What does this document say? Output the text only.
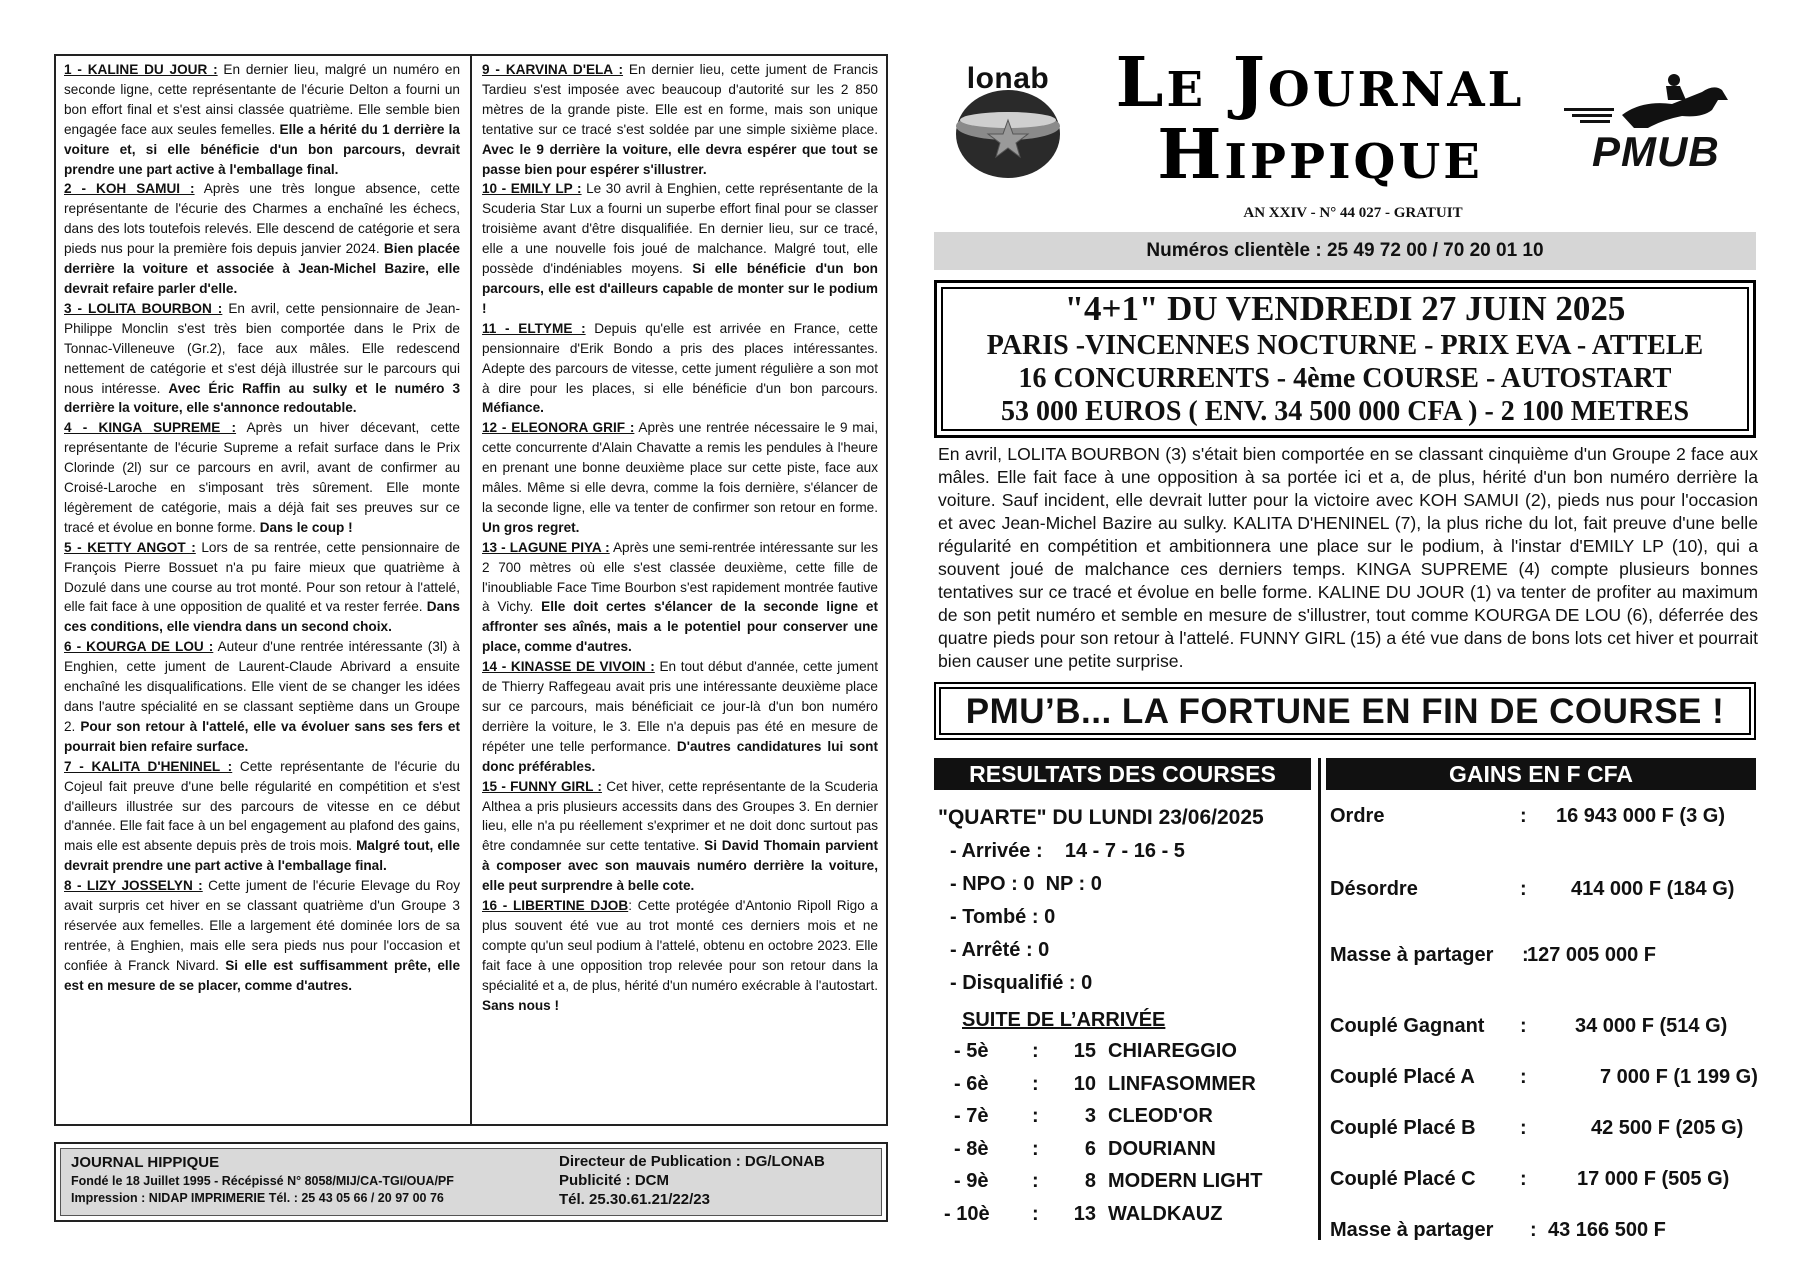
1 - KALINE DU JOUR : En dernier lieu, malgré un numéro en seconde ligne, cette représentante de l'écurie Delton a fourni un bon effort final et s'est ainsi classée quatrième. Elle semble bien engagée face aux seules femelles. Elle a hérité du 1 derrière la voiture et, si elle bénéficie d'un bon parcours, devrait prendre une part active à l'emballage final.

2 - KOH SAMUI : Après une très longue absence, cette représentante de l'écurie des Charmes a enchaîné les échecs, dans des lots toutefois relevés. Elle descend de catégorie et sera pieds nus pour la première fois depuis janvier 2024. Bien placée derrière la voiture et associée à Jean-Michel Bazire, elle devrait refaire parler d'elle.

3 - LOLITA BOURBON : En avril, cette pensionnaire de Jean-Philippe Monclin s'est très bien comportée dans le Prix de Tonnac-Villeneuve (Gr.2), face aux mâles. Elle redescend nettement de catégorie et s'est déjà illustrée sur le parcours qui nous intéresse. Avec Éric Raffin au sulky et le numéro 3 derrière la voiture, elle s'annonce redoutable.

4 - KINGA SUPREME : Après un hiver décevant, cette représentante de l'écurie Supreme a refait surface dans le Prix Clorinde (2l) sur ce parcours en avril, avant de confirmer au Croisé-Laroche en s'imposant très sûrement. Elle monte légèrement de catégorie, mais a déjà fait ses preuves sur ce tracé et évolue en bonne forme. Dans le coup !

5 - KETTY ANGOT : Lors de sa rentrée, cette pensionnaire de François Pierre Bossuet n'a pu faire mieux que quatrième à Dozulé dans une course au trot monté. Pour son retour à l'attelé, elle fait face à une opposition de qualité et va rester ferrée. Dans ces conditions, elle viendra dans un second choix.

6 - KOURGA DE LOU : Auteur d'une rentrée intéressante (3l) à Enghien, cette jument de Laurent-Claude Abrivard a ensuite enchaîné les disqualifications. Elle vient de se changer les idées dans l'autre spécialité en se classant septième dans un Groupe 2. Pour son retour à l'attelé, elle va évoluer sans ses fers et pourrait bien refaire surface.

7 - KALITA D'HENINEL : Cette représentante de l'écurie du Cojeul fait preuve d'une belle régularité en compétition et s'est d'ailleurs illustrée sur des parcours de vitesse en ce début d'année. Elle fait face à un bel engagement au plafond des gains, mais elle est absente depuis près de trois mois. Malgré tout, elle devrait prendre une part active à l'emballage final.

8 - LIZY JOSSELYN : Cette jument de l'écurie Elevage du Roy avait surpris cet hiver en se classant quatrième d'un Groupe 3 réservée aux femelles. Elle a largement été dominée lors de sa rentrée, à Enghien, mais elle sera pieds nus pour l'occasion et confiée à Franck Nivard. Si elle est suffisamment prête, elle est en mesure de se placer, comme d'autres.

9 - KARVINA D'ELA : En dernier lieu, cette jument de Francis Tardieu s'est imposée avec beaucoup d'autorité sur les 2 850 mètres de la grande piste. Elle est en forme, mais son unique tentative sur ce tracé s'est soldée par une simple sixième place. Avec le 9 derrière la voiture, elle devra espérer que tout se passe bien pour espérer s'illustrer.

10 - EMILY LP : Le 30 avril à Enghien, cette représentante de la Scuderia Star Lux a fourni un superbe effort final pour se classer troisième avant d'être disqualifiée. En dernier lieu, sur ce tracé, elle a une nouvelle fois joué de malchance. Malgré tout, elle possède d'indéniables moyens. Si elle bénéficie d'un bon parcours, elle est d'ailleurs capable de monter sur le podium !

11 - ELTYME : Depuis qu'elle est arrivée en France, cette pensionnaire d'Erik Bondo a pris des places intéressantes. Adepte des parcours de vitesse, cette jument régulière a son mot à dire pour les places, si elle bénéficie d'un bon parcours. Méfiance.

12 - ELEONORA GRIF : Après une rentrée nécessaire le 9 mai, cette concurrente d'Alain Chavatte a remis les pendules à l'heure en prenant une bonne deuxième place sur cette piste, face aux mâles. Même si elle devra, comme la fois dernière, s'élancer de la seconde ligne, elle va tenter de confirmer son retour en forme. Un gros regret.

13 - LAGUNE PIYA : Après une semi-rentrée intéressante sur les 2 700 mètres où elle s'est classée deuxième, cette fille de l'inoubliable Face Time Bourbon s'est rapidement montrée fautive à Vichy. Elle doit certes s'élancer de la seconde ligne et affronter ses aînés, mais a le potentiel pour conserver une place, comme d'autres.

14 - KINASSE DE VIVOIN : En tout début d'année, cette jument de Thierry Raffegeau avait pris une intéressante deuxième place sur ce parcours, mais bénéficiait ce jour-là d'un bon numéro derrière la voiture, le 3. Elle n'a depuis pas été en mesure de répéter une telle performance. D'autres candidatures lui sont donc préférables.

15 - FUNNY GIRL : Cet hiver, cette représentante de la Scuderia Althea a pris plusieurs accessits dans des Groupes 3. En dernier lieu, elle n'a pu réellement s'exprimer et ne doit donc surtout pas être condamnée sur cette tentative. Si David Thomain parvient à composer avec son mauvais numéro derrière la voiture, elle peut surprendre à belle cote.

16 - LIBERTINE DJOB: Cette protégée d'Antonio Ripoll Rigo a plus souvent été vue au trot monté ces derniers mois et ne compte qu'un seul podium à l'attelé, obtenu en octobre 2023. Elle fait face à une opposition trop relevée pour son retour dans la spécialité et a, de plus, hérité d'un numéro exécrable à l'autostart. Sans nous !

JOURNAL HIPPIQUE
Fondé le 18 Juillet 1995 - Récépissé N° 8058/MIJ/CA-TGI/OUA/PF
Impression : NIDAP IMPRIMERIE Tél. : 25 43 05 66 / 20 97 00 76
Directeur de Publication : DG/LONAB
Publicité : DCM
Tél. 25.30.61.21/22/23
lonab Le Journal
Hippique
AN XXIV - N° 44 027 - GRATUIT
PMUB
Numéros clientèle : 25 49 72 00 / 70 20 01 10
"4+1" DU VENDREDI 27 JUIN 2025
PARIS -VINCENNES NOCTURNE - PRIX EVA - ATTELE
16 CONCURRENTS - 4ème COURSE - AUTOSTART
53 000 EUROS ( ENV. 34 500 000 CFA ) - 2 100 METRES
En avril, LOLITA BOURBON (3) s'était bien comportée en se classant cinquième d'un Groupe 2 face aux mâles. Elle fait face à une opposition à sa portée ici et a, de plus, hérité d'un bon numéro derrière la voiture. Sauf incident, elle devrait lutter pour la victoire avec KOH SAMUI (2), pieds nus pour l'occasion et avec Jean-Michel Bazire au sulky. KALITA D'HENINEL (7), la plus riche du lot, fait preuve d'une belle régularité en compétition et ambitionnera une place sur le podium, à l'instar d'EMILY LP (10), qui a souvent joué de malchance ces derniers temps. KINGA SUPREME (4) compte plusieurs bonnes tentatives sur ce tracé et évolue en belle forme. KALINE DU JOUR (1) va tenter de profiter au maximum de son petit numéro et semble en mesure de s'illustrer, tout comme KOURGA DE LOU (6), déferrée des quatre pieds pour son retour à l'attelé. FUNNY GIRL (15) a été vue dans de bons lots cet hiver et pourrait bien causer une petite surprise.
PMU’B... LA FORTUNE EN FIN DE COURSE !
RESULTATS DES COURSES	GAINS EN F CFA
"QUARTE" DU LUNDI 23/06/2025
- Arrivée :    14 - 7 - 16 - 5
- NPO : 0  NP : 0
- Tombé : 0
- Arrêté : 0
- Disqualifié : 0
SUITE DE L’ARRIVÉE
- 5è :	15 CHIAREGGIO
- 6è :	10 LINFASOMMER
- 7è :	3 CLEOD'OR
- 8è :	6 DOURIANN
- 9è :	8 MODERN LIGHT
- 10è :	13 WALDKAUZ
Ordre	: 16 943 000 F (3 G)
Désordre	: 414 000 F (184 G)
Masse à partager :
127 005 000 F
Couplé Gagnant : 34 000 F (514 G)
Couplé Placé A :	7 000 F (1 199 G)
Couplé Placé B :	42 500 F (205 G)
Couplé Placé C :	17 000 F (505 G)
Masse à partager : 43 166 500 F
